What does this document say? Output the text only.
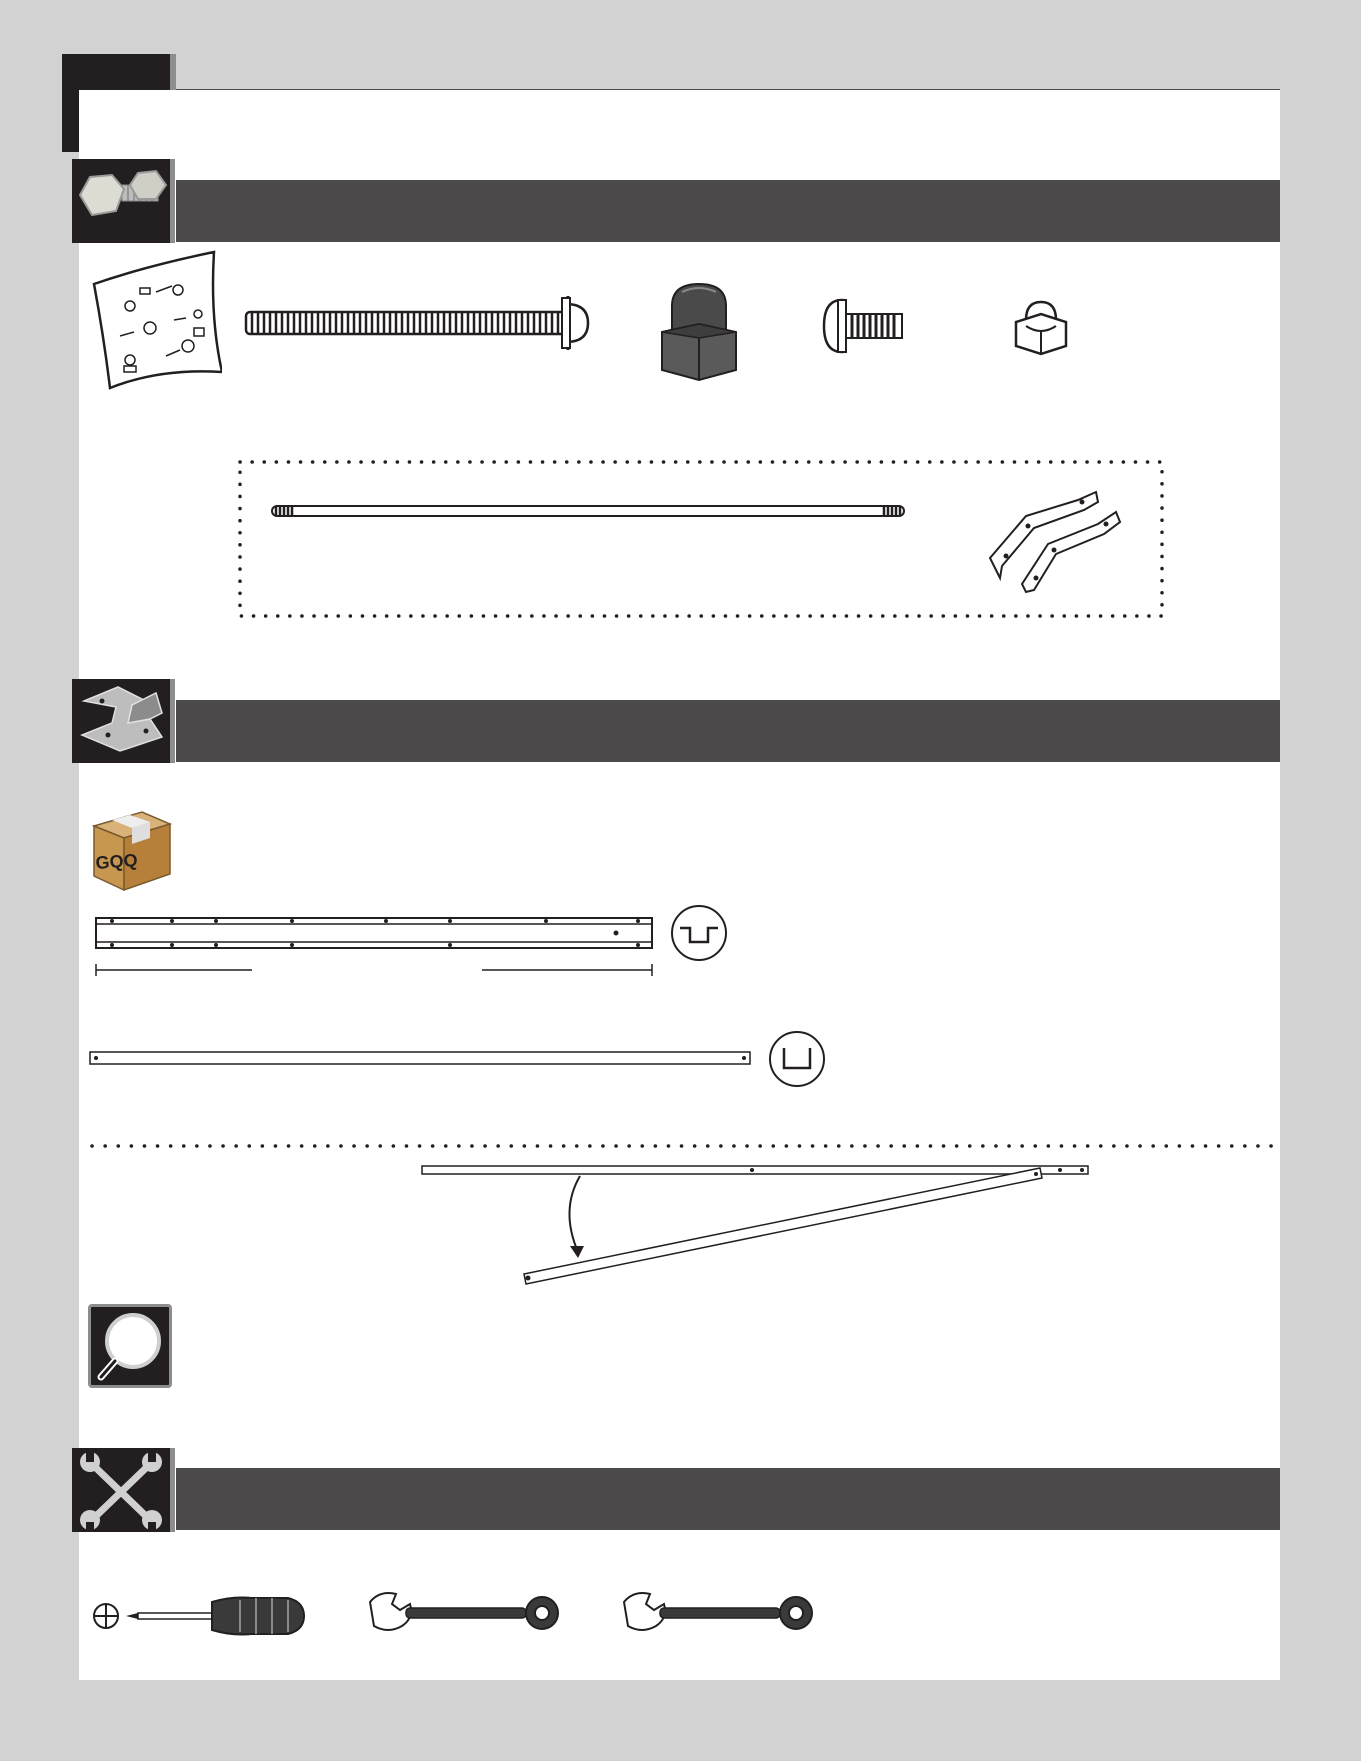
GQQ
